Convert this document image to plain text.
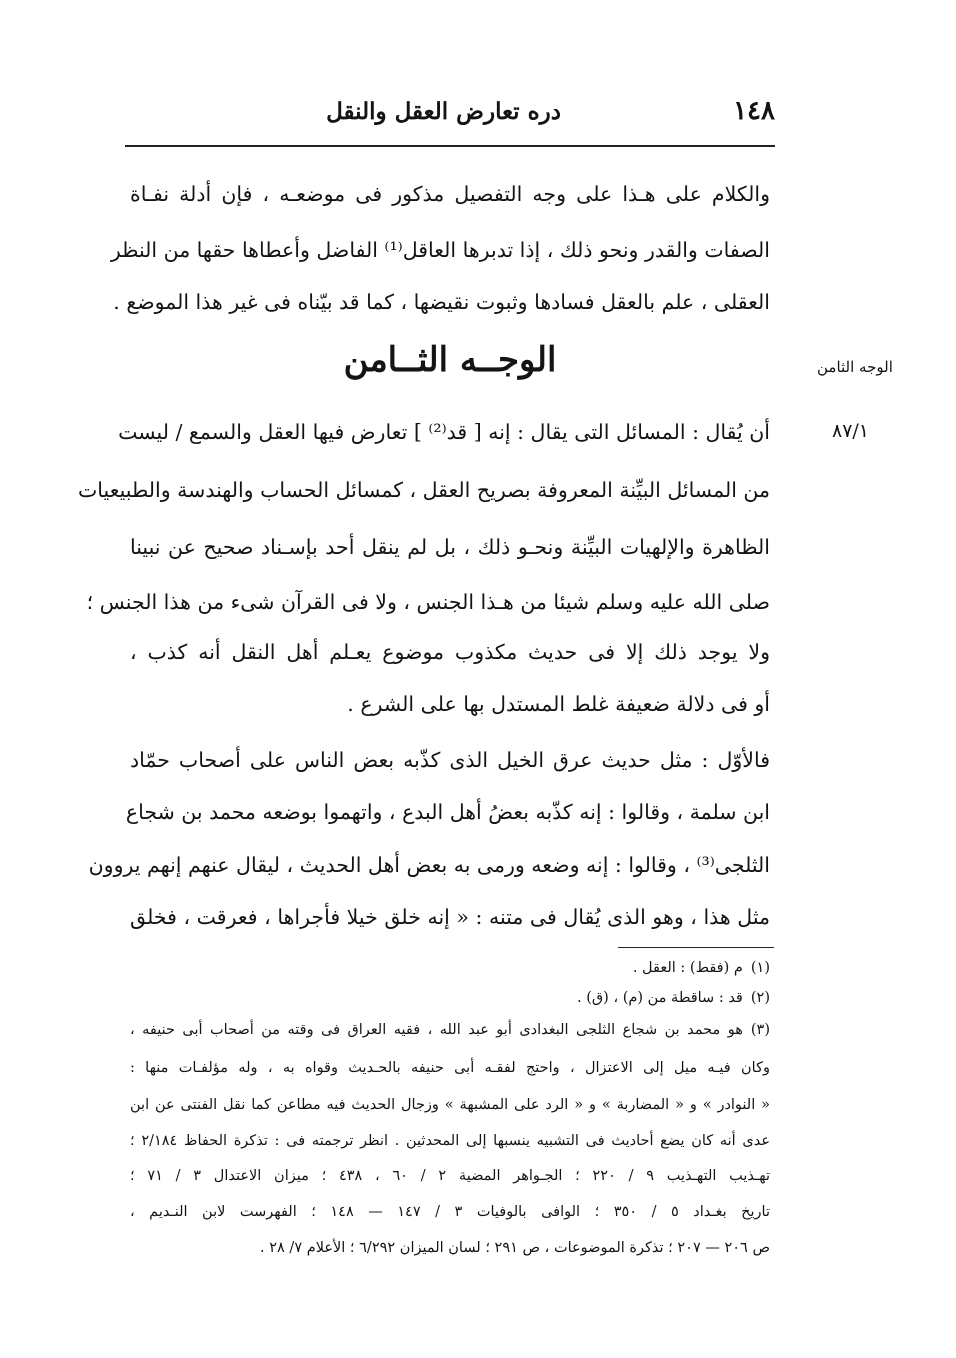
١٤٨
دره تعارض العقل والنقل
والكلام على هـذا على وجه التفصيل مذكور فى موضعـه ، فإن أدلة نفـاة
الصفات والقدر ونحو ذلك ، إذا تدبرها العاقل⁽¹⁾ الفاضل وأعطاها حقها من النظر
العقلى ، علم بالعقل فسادها وثبوت نقيضها ، كما قد بيّناه فى غير هذا الموضع .
الوجــه الثــامن	الوجه الثامن
٨٧/١
أن يُقال : المسائل التى يقال : إنه [ قد⁽²⁾ ] تعارض فيها العقل والسمع / ليست
من المسائل البيِّنة المعروفة بصريح العقل ، كمسائل الحساب والهندسة والطبيعيات
الظاهرة والإلهيات البيِّنة ونحـو ذلك ، بل لم ينقل أحد بإسـناد صحيح عن نبينا
صلى الله عليه وسلم شيئا من هـذا الجنس ، ولا فى القرآن شىء من هذا الجنس ؛
ولا يوجد ذلك إلا فى حديث مكذوب موضوع يعـلم أهل النقل أنه كذب ،
أو فى دلالة ضعيفة غلط المستدل بها على الشرع .
فالأوّل : مثل حديث عرق الخيل الذى كذّبه بعض الناس على أصحاب حمّاد
ابن سلمة ، وقالوا : إنه كذّبه بعضُ أهل البدع ، واتهموا بوضعه محمد بن شجاع
الثلجى⁽³⁾ ، وقالوا : إنه وضعه ورمى به بعض أهل الحديث ، ليقال عنهم إنهم يروون
مثل هذا ، وهو الذى يُقال فى متنه : « إنه خلق خيلا فأجراها ، فعرقت ، فخلق
(١)م (فقط) : العقل .
(٢)قد : ساقطة من (م) ، (ق) .
(٣)هو محمد بن شجاع الثلجى البغدادى أبو عبد الله ، فقيه العراق فى وقته من أصحاب أبى حنيفه ،
وكان فيـه ميل إلى الاعتزال ، واحتج لفقـه أبى حنيفه بالحـديث وقواه به ، وله مؤلفـات منها :
« النوادر » و « المضاربة » و « الرد على المشبهة » وزجال الحديث فيه مطاعن كما نقل الفنتى عن ابن
عدى أنه كان يضع أحاديث فى التشبيه ينسبها إلى المحدثين . انظر ترجمته فى : تذكرة الحفاظ ٢/١٨٤ ؛
تهـذيب التهـذيب ٩ / ٢٢٠ ؛ الجـواهر المضية ٢ / ٦٠ ، ٤٣٨ ؛ ميزان الاعتدال ٣ / ٧١ ؛
تاريخ بغـداد ٥ / ٣٥٠ ؛ الوافى بالوفيات ٣ / ١٤٧ — ١٤٨ ؛ الفهرست لابن النـديم ،
ص ٢٠٦ — ٢٠٧ ؛ تذكرة الموضوعات ، ص ٢٩١ ؛ لسان الميزان ٦/٢٩٢ ؛ الأعلام ٧/ ٢٨ .
